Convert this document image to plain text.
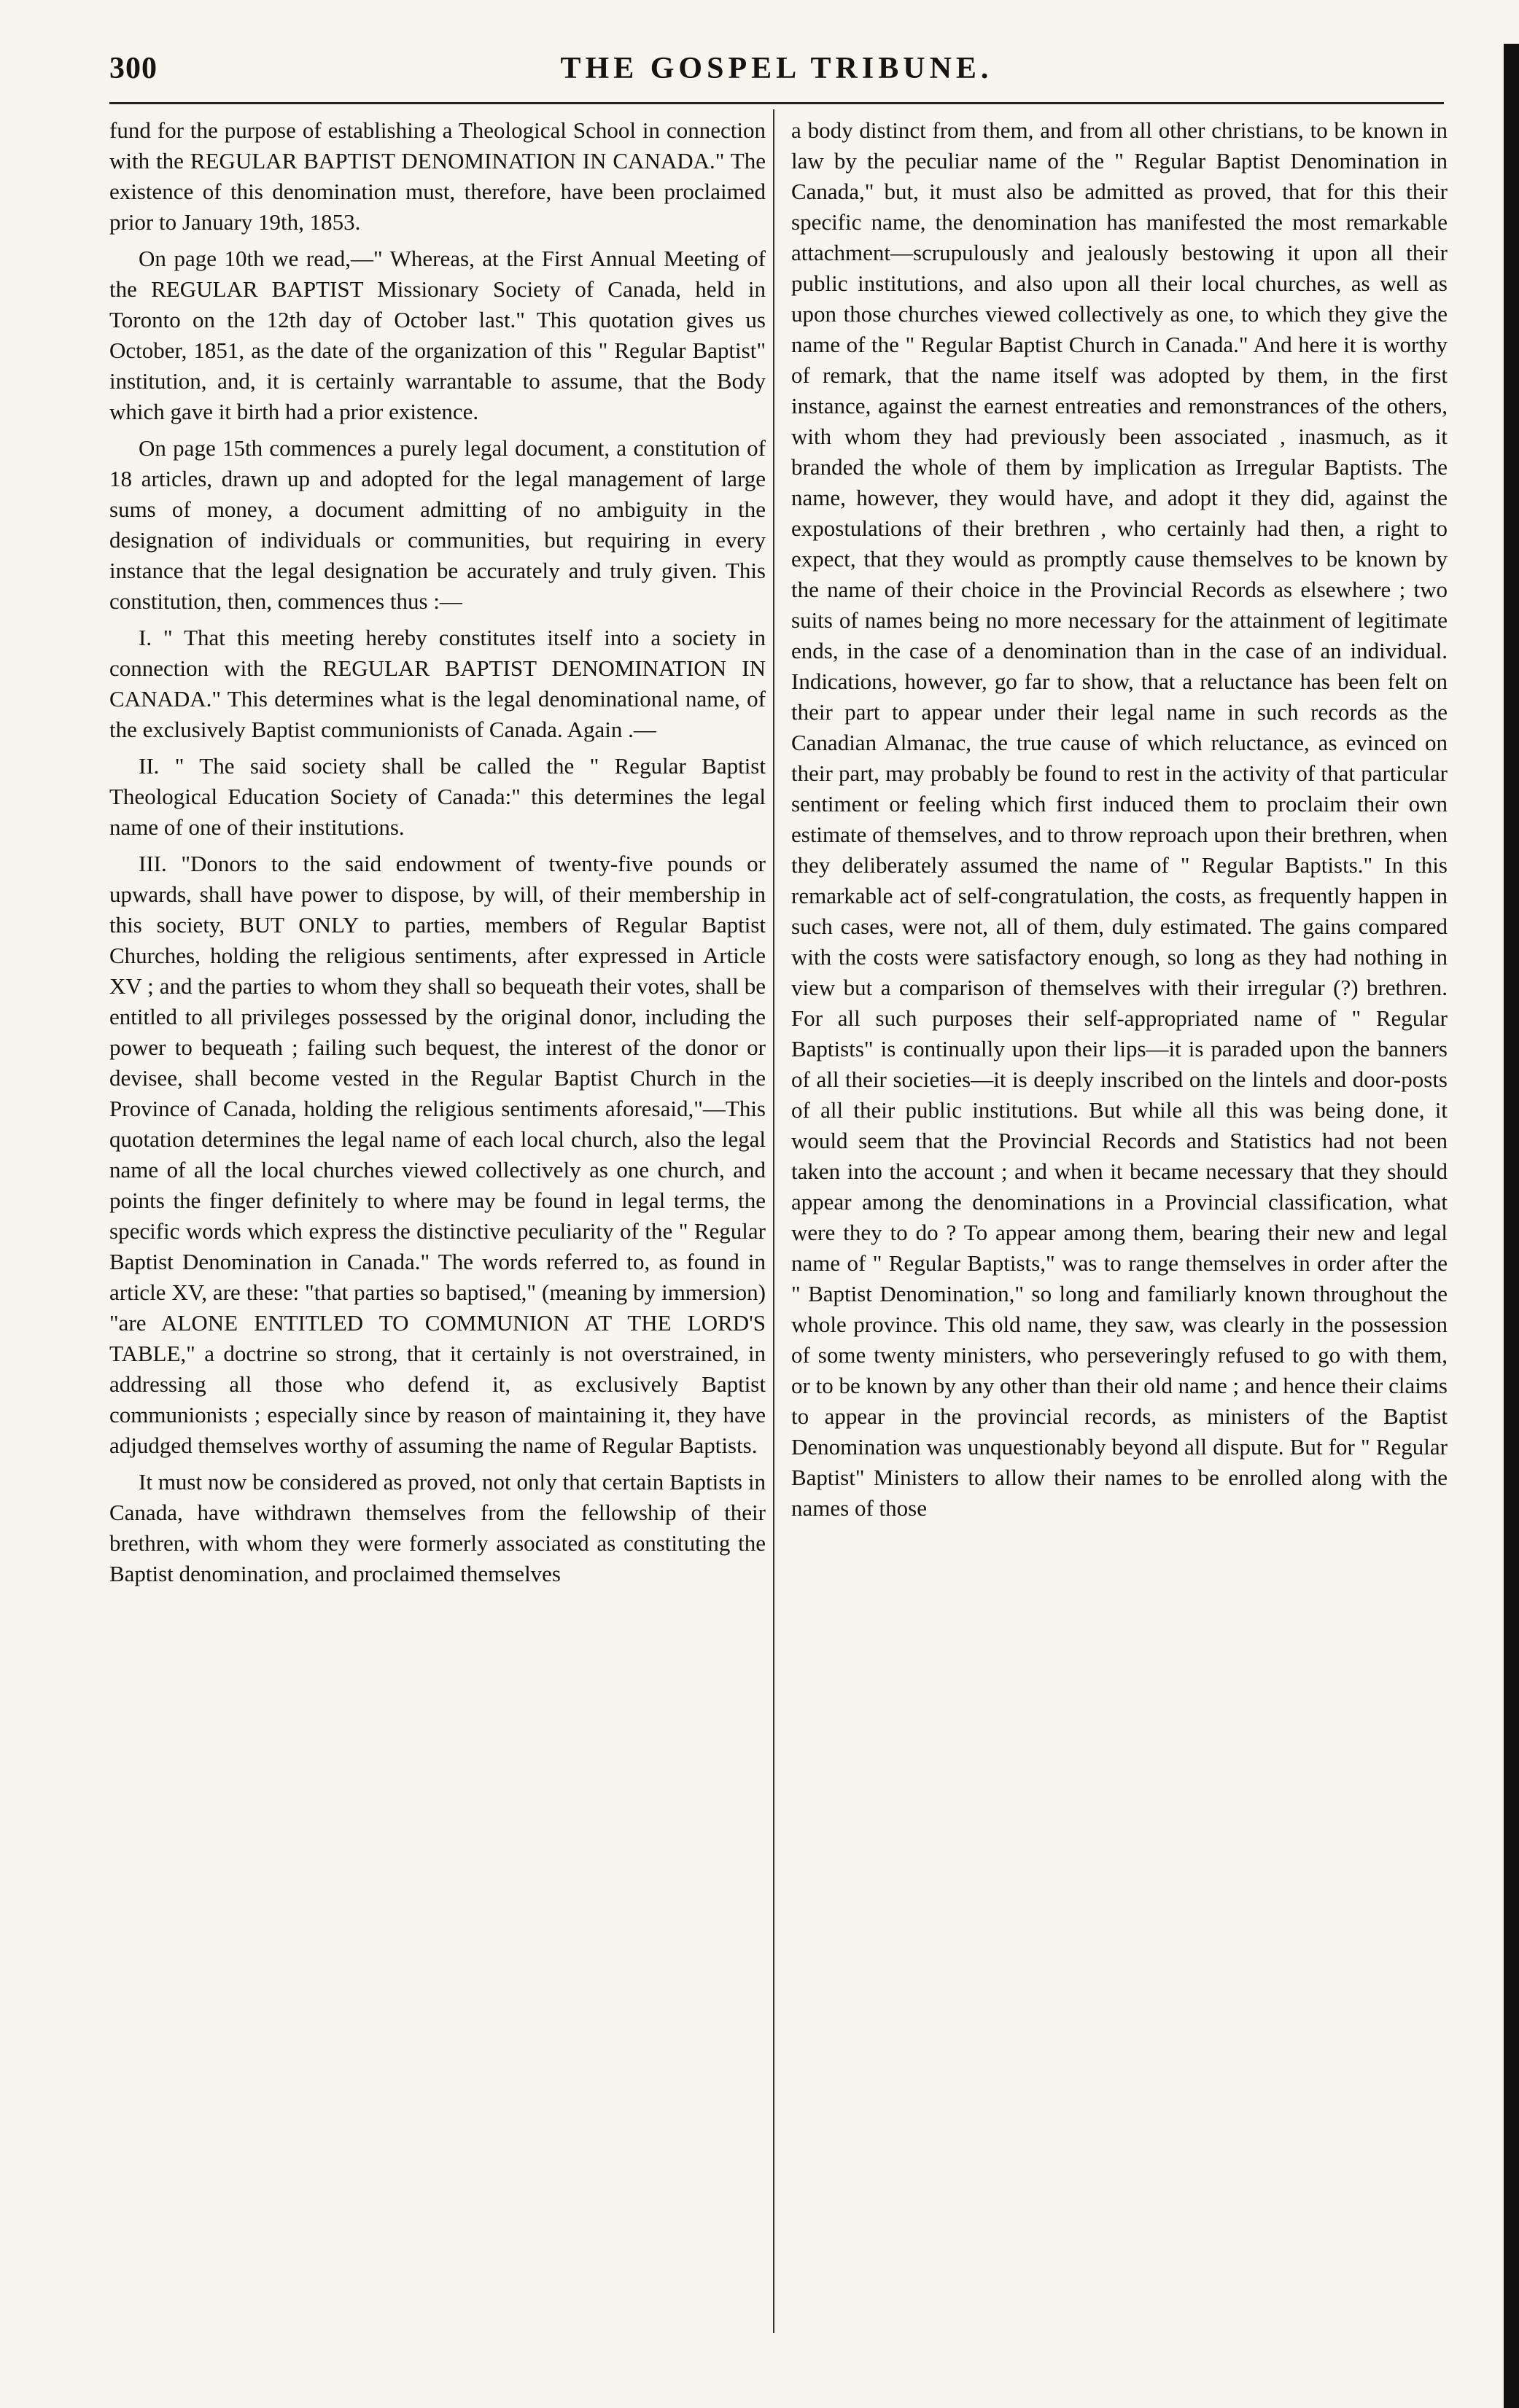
300	THE GOSPEL TRIBUNE.

fund for the purpose of establishing a Theological School in connection with the REGULAR BAPTIST DENOMINATION IN CANADA." The existence of this denomination must, therefore, have been proclaimed prior to January 19th, 1853.

On page 10th we read,—" Whereas, at the First Annual Meeting of the REGULAR BAPTIST Missionary Society of Canada, held in Toronto on the 12th day of October last." This quotation gives us October, 1851, as the date of the organization of this " Regular Baptist" institution, and, it is certainly warrantable to assume, that the Body which gave it birth had a prior existence.

On page 15th commences a purely legal document, a constitution of 18 articles, drawn up and adopted for the legal management of large sums of money, a document admitting of no ambiguity in the designation of individuals or communities, but requiring in every instance that the legal designation be accurately and truly given. This constitution, then, commences thus :—

I. " That this meeting hereby constitutes itself into a society in connection with the REGULAR BAPTIST DENOMINATION IN CANADA." This determines what is the legal denominational name, of the exclusively Baptist communionists of Canada. Again .—

II. " The said society shall be called the " Regular Baptist Theological Education Society of Canada:" this determines the legal name of one of their institutions.

III. "Donors to the said endowment of twenty-five pounds or upwards, shall have power to dispose, by will, of their membership in this society, BUT ONLY to parties, members of Regular Baptist Churches, holding the religious sentiments, after expressed in Article XV ; and the parties to whom they shall so bequeath their votes, shall be entitled to all privileges possessed by the original donor, including the power to bequeath ; failing such bequest, the interest of the donor or devisee, shall become vested in the Regular Baptist Church in the Province of Canada, holding the religious sentiments aforesaid,"—This quotation determines the legal name of each local church, also the legal name of all the local churches viewed collectively as one church, and points the finger definitely to where may be found in legal terms, the specific words which express the distinctive peculiarity of the " Regular Baptist Denomination in Canada." The words referred to, as found in article XV, are these: "that parties so baptised," (meaning by immersion) "are ALONE ENTITLED TO COMMUNION AT THE LORD'S TABLE," a doctrine so strong, that it certainly is not overstrained, in addressing all those who defend it, as exclusively Baptist communionists ; especially since by reason of maintaining it, they have adjudged themselves worthy of assuming the name of Regular Baptists.

It must now be considered as proved, not only that certain Baptists in Canada, have withdrawn themselves from the fellowship of their brethren, with whom they were formerly associated as constituting the Baptist denomination, and proclaimed themselves

a body distinct from them, and from all other christians, to be known in law by the peculiar name of the " Regular Baptist Denomination in Canada," but, it must also be admitted as proved, that for this their specific name, the denomination has manifested the most remarkable attachment—scrupulously and jealously bestowing it upon all their public institutions, and also upon all their local churches, as well as upon those churches viewed collectively as one, to which they give the name of the " Regular Baptist Church in Canada." And here it is worthy of remark, that the name itself was adopted by them, in the first instance, against the earnest entreaties and remonstrances of the others, with whom they had previously been associated , inasmuch, as it branded the whole of them by implication as Irregular Baptists. The name, however, they would have, and adopt it they did, against the expostulations of their brethren , who certainly had then, a right to expect, that they would as promptly cause themselves to be known by the name of their choice in the Provincial Records as elsewhere ; two suits of names being no more necessary for the attainment of legitimate ends, in the case of a denomination than in the case of an individual. Indications, however, go far to show, that a reluctance has been felt on their part to appear under their legal name in such records as the Canadian Almanac, the true cause of which reluctance, as evinced on their part, may probably be found to rest in the activity of that particular sentiment or feeling which first induced them to proclaim their own estimate of themselves, and to throw reproach upon their brethren, when they deliberately assumed the name of " Regular Baptists." In this remarkable act of self-congratulation, the costs, as frequently happen in such cases, were not, all of them, duly estimated. The gains compared with the costs were satisfactory enough, so long as they had nothing in view but a comparison of themselves with their irregular (?) brethren. For all such purposes their self-appropriated name of " Regular Baptists" is continually upon their lips—it is paraded upon the banners of all their societies—it is deeply inscribed on the lintels and door-posts of all their public institutions. But while all this was being done, it would seem that the Provincial Records and Statistics had not been taken into the account ; and when it became necessary that they should appear among the denominations in a Provincial classification, what were they to do ? To appear among them, bearing their new and legal name of " Regular Baptists," was to range themselves in order after the " Baptist Denomination," so long and familiarly known throughout the whole province. This old name, they saw, was clearly in the possession of some twenty ministers, who perseveringly refused to go with them, or to be known by any other than their old name ; and hence their claims to appear in the provincial records, as ministers of the Baptist Denomination was unquestionably beyond all dispute. But for " Regular Baptist" Ministers to allow their names to be enrolled along with the names of those
